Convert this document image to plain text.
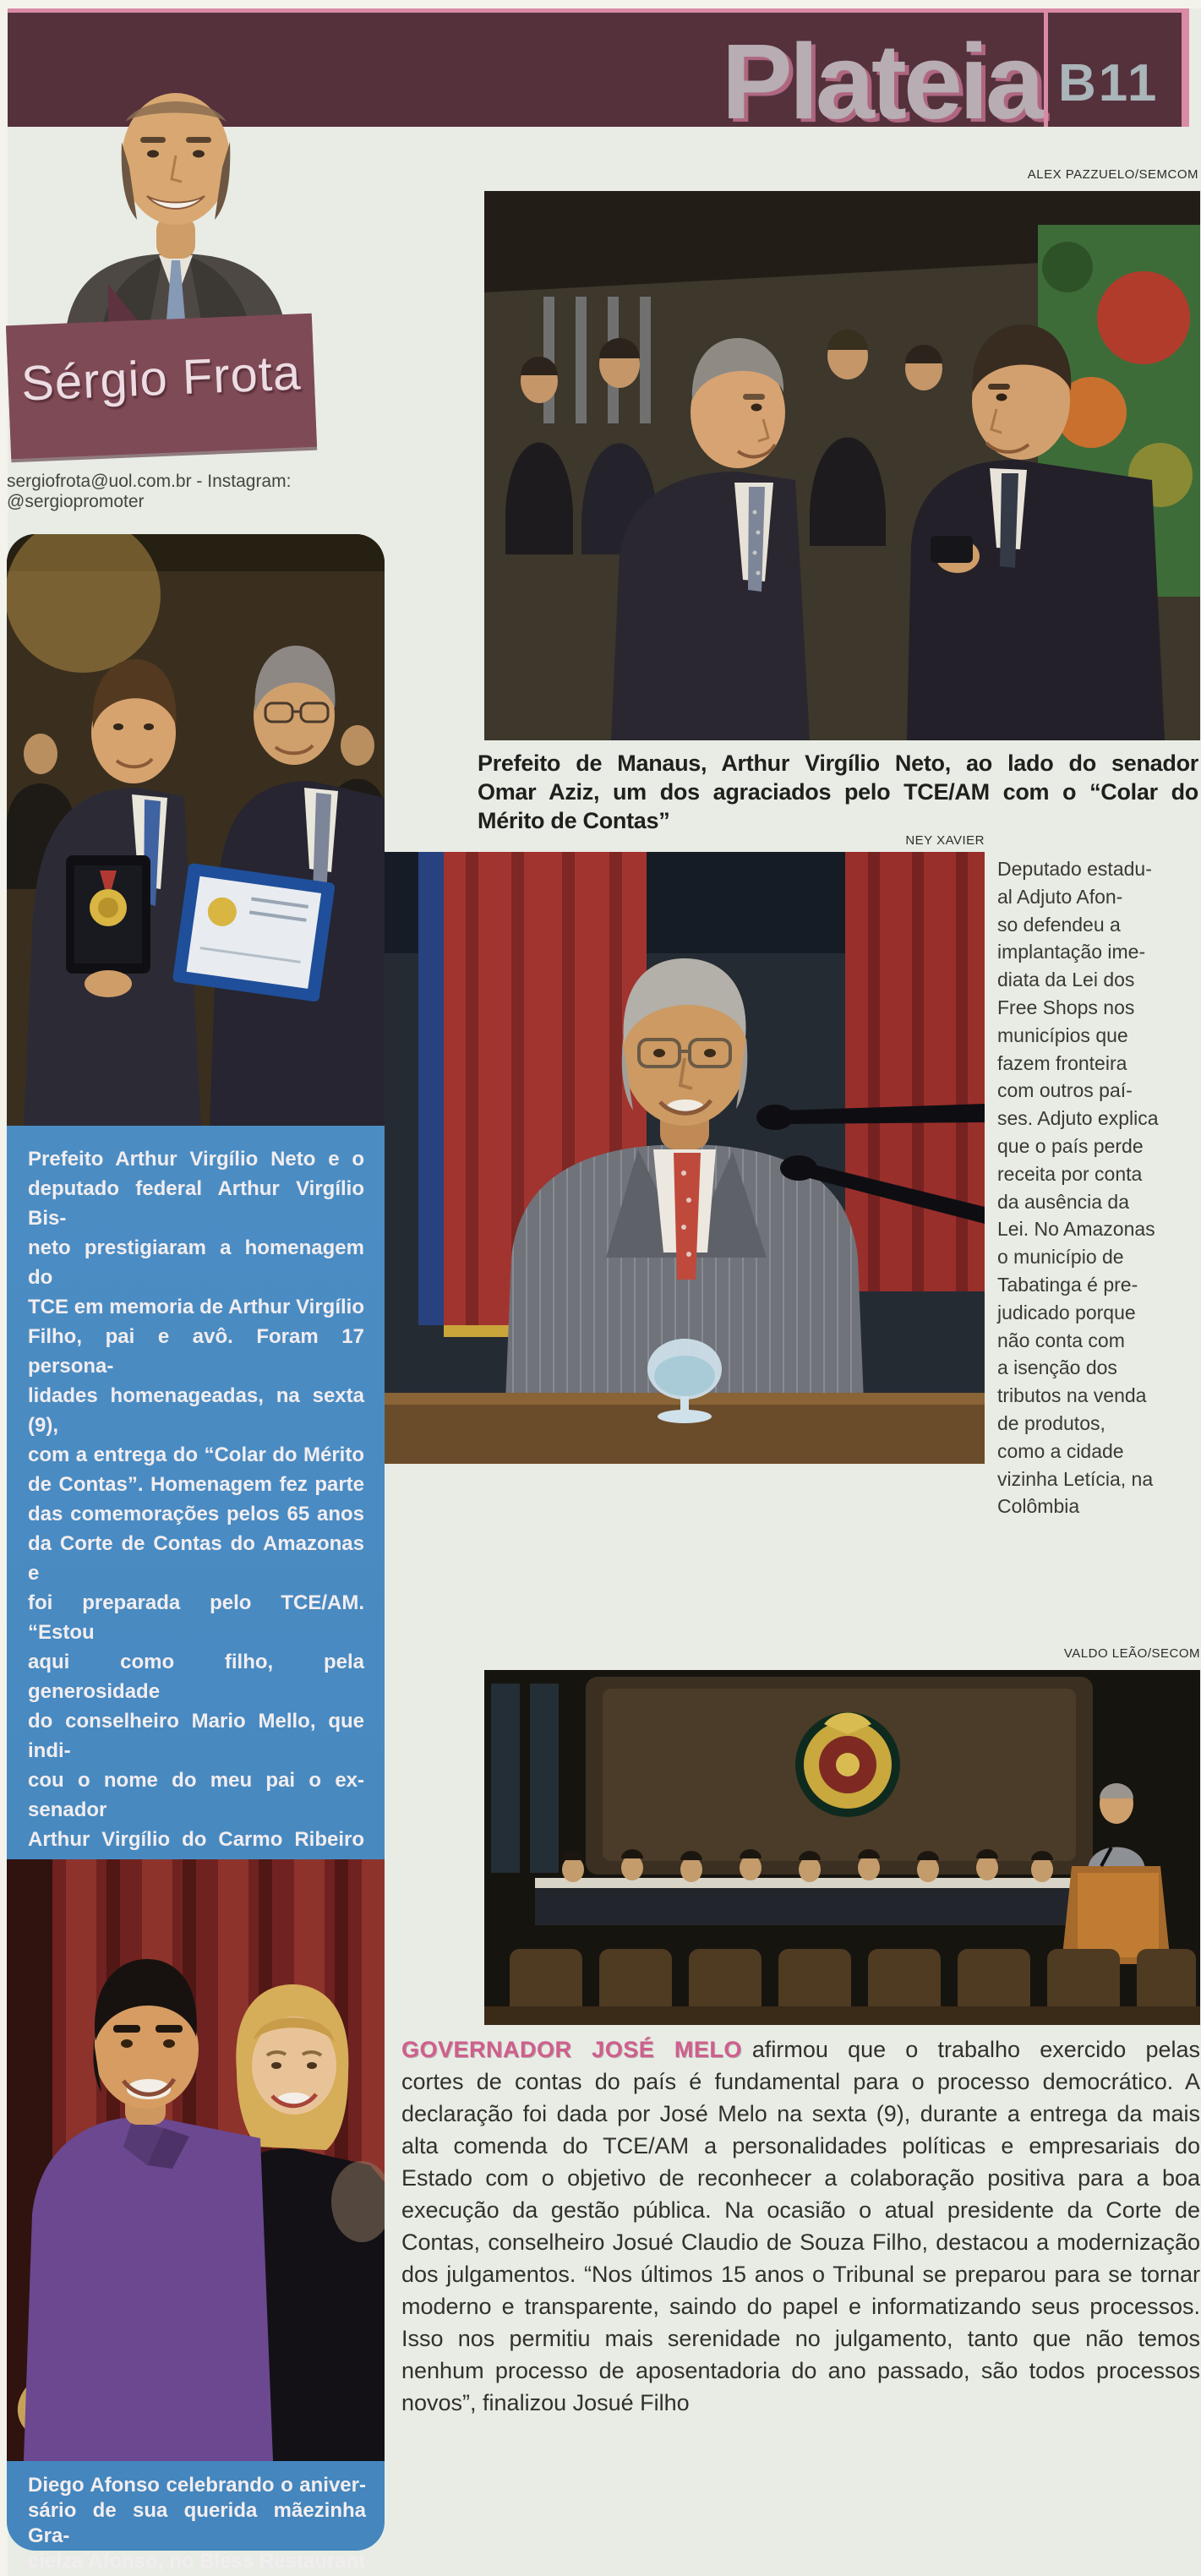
Plateia B11
Sérgio Frota
sergiofrota@uol.com.br - Instagram: @sergiopromoter
Prefeito Arthur Virgílio Neto e o
deputado federal Arthur Virgílio Bis-
neto prestigiaram a homenagem do
TCE em memoria de Arthur Virgílio
Filho, pai e avô. Foram 17 persona-
lidades homenageadas, na sexta (9),
com a entrega do “Colar do Mérito
de Contas”. Homenagem fez parte
das comemorações pelos 65 anos
da Corte de Contas do Amazonas e
foi preparada pelo TCE/AM. “Estou
aqui como filho, pela generosidade
do conselheiro Mario Mello, que indi-
cou o nome do meu pai o ex-senador
Arthur Virgílio do Carmo Ribeiro
Diego Afonso celebrando o aniver-
sário de sua querida mãezinha Gra-
cielza Afonso, no Bless Restaurant
ALEX PAZZUELO/SEMCOM
Prefeito de Manaus, Arthur Virgílio Neto, ao lado do senador
Omar Aziz, um dos agraciados pelo TCE/AM com o “Colar do
Mérito de Contas”
NEY XAVIER
Deputado estadu-
al Adjuto Afon-
so defendeu a
implantação ime-
diata da Lei dos
Free Shops nos
municípios que
fazem fronteira
com outros paí-
ses. Adjuto explica
que o país perde
receita por conta
da ausência da
Lei. No Amazonas
o município de
Tabatinga é pre-
judicado porque
não conta com
a isenção dos
tributos na venda
de produtos,
como a cidade
vizinha Letícia, na
Colômbia
VALDO LEÃO/SECOM
GOVERNADOR JOSÉ MELO afirmou que o trabalho exercido pelas
cortes de contas do país é fundamental para o processo democrático. A
declaração foi dada por José Melo na sexta (9), durante a entrega da mais
alta comenda do TCE/AM a personalidades políticas e empresariais do
Estado com o objetivo de reconhecer a colaboração positiva para a boa
execução da gestão pública. Na ocasião o atual presidente da Corte de
Contas, conselheiro Josué Claudio de Souza Filho, destacou a modernização
dos julgamentos. “Nos últimos 15 anos o Tribunal se preparou para se tornar
moderno e transparente, saindo do papel e informatizando seus processos.
Isso nos permitiu mais serenidade no julgamento, tanto que não temos
nenhum processo de aposentadoria do ano passado, são todos processos
novos”, finalizou Josué Filho
